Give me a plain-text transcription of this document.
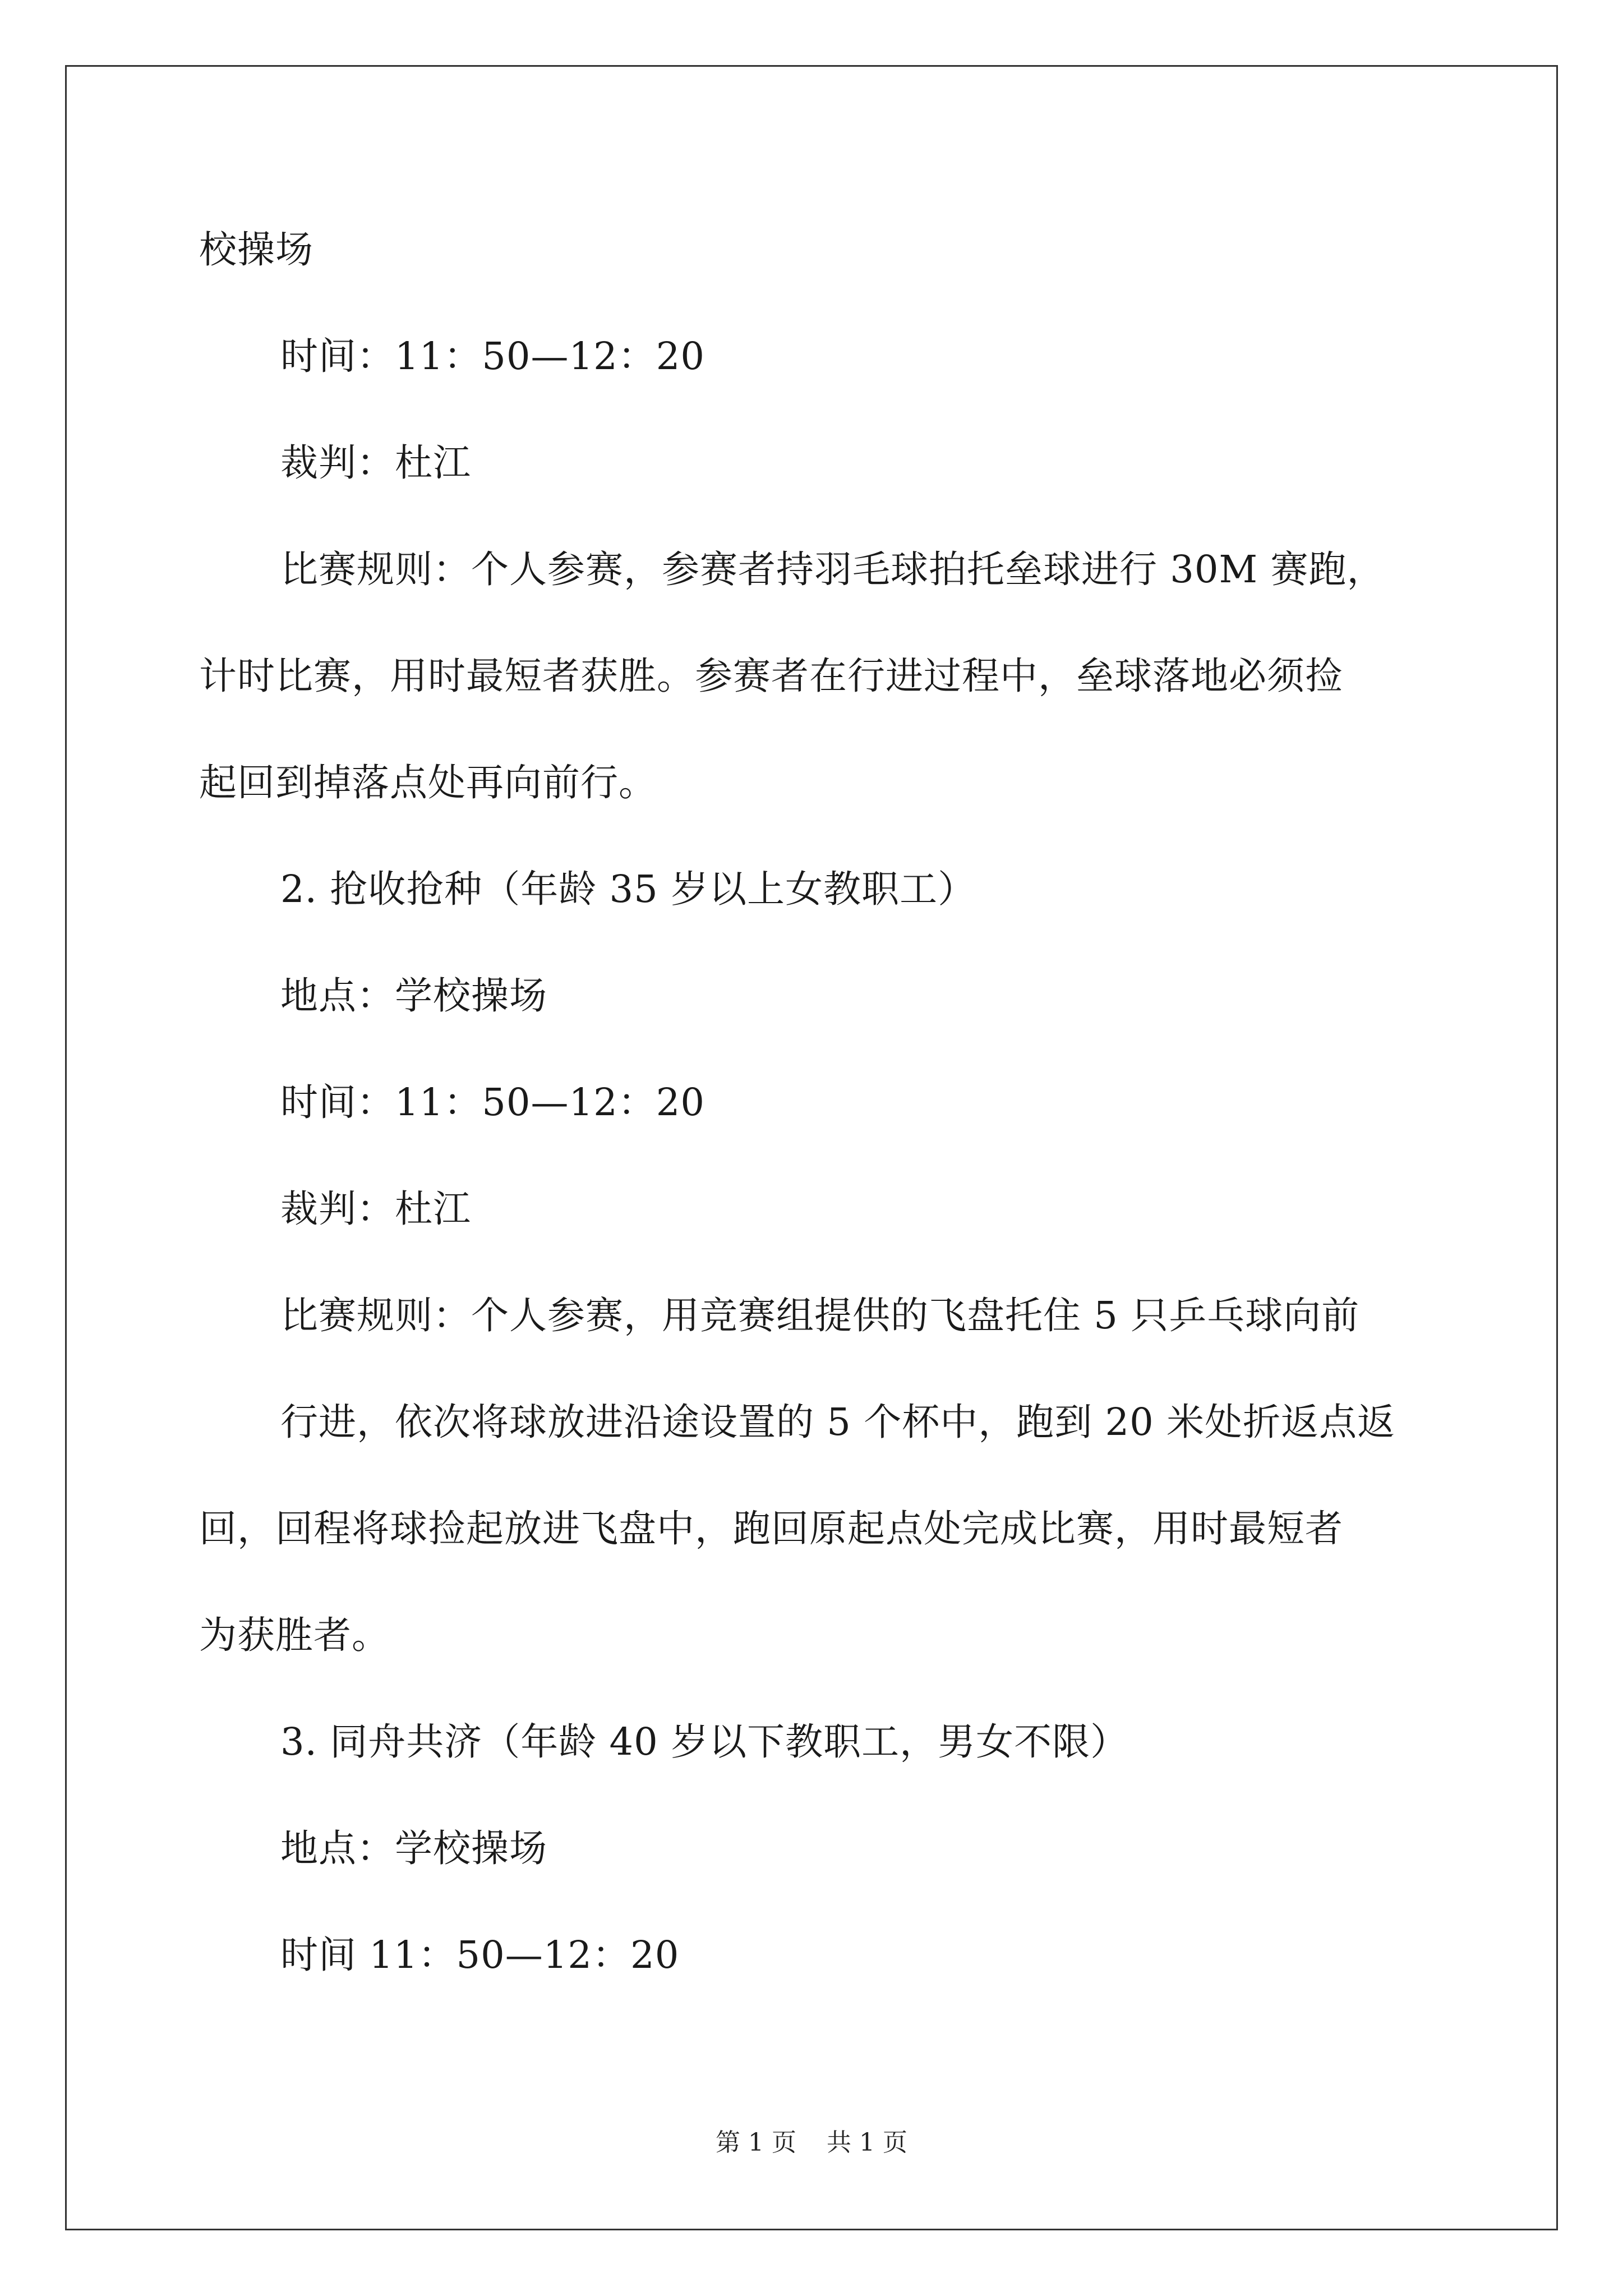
校操场
时间：11：50—12：20
裁判：杜江
比赛规则：个人参赛，参赛者持羽毛球拍托垒球进行 30M 赛跑，
计时比赛，用时最短者获胜。参赛者在行进过程中，垒球落地必须捡
起回到掉落点处再向前行。
2. 抢收抢种（年龄 35 岁以上女教职工）
地点：学校操场
时间：11：50—12：20
裁判：杜江
比赛规则：个人参赛，用竞赛组提供的飞盘托住 5 只乒乓球向前
行进，依次将球放进沿途设置的 5 个杯中，跑到 20 米处折返点返
回，回程将球捡起放进飞盘中，跑回原起点处完成比赛，用时最短者
为获胜者。
3. 同舟共济（年龄 40 岁以下教职工，男女不限）
地点：学校操场
时间 11：50—12：20
第 1 页 共 1 页
